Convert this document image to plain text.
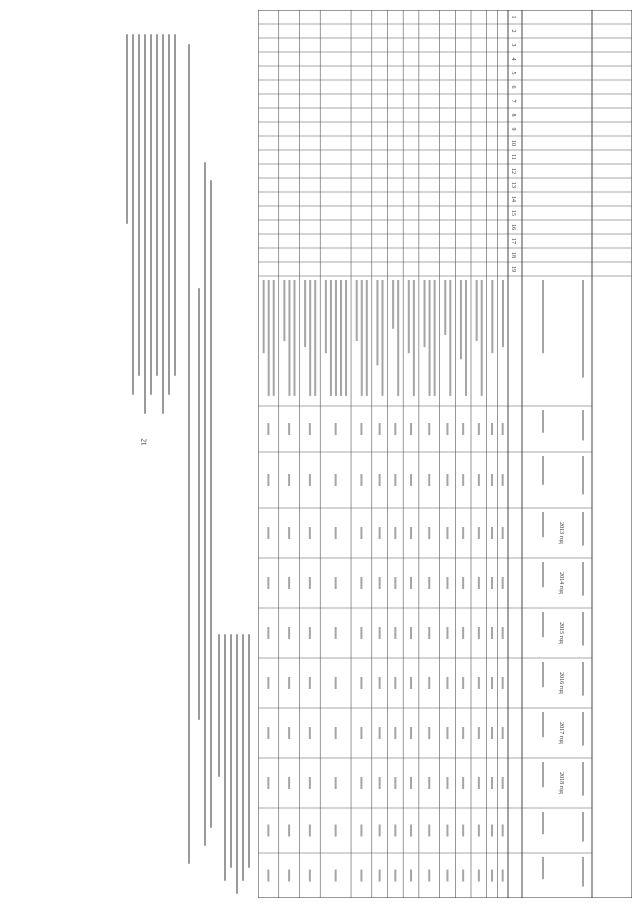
21
1
2
3
4
5
6
7
8
9
10
11
12
13
14
15
16
17
18
19
2013 год
2014 год
2015 год
2016 год
2017 год
2018 год
